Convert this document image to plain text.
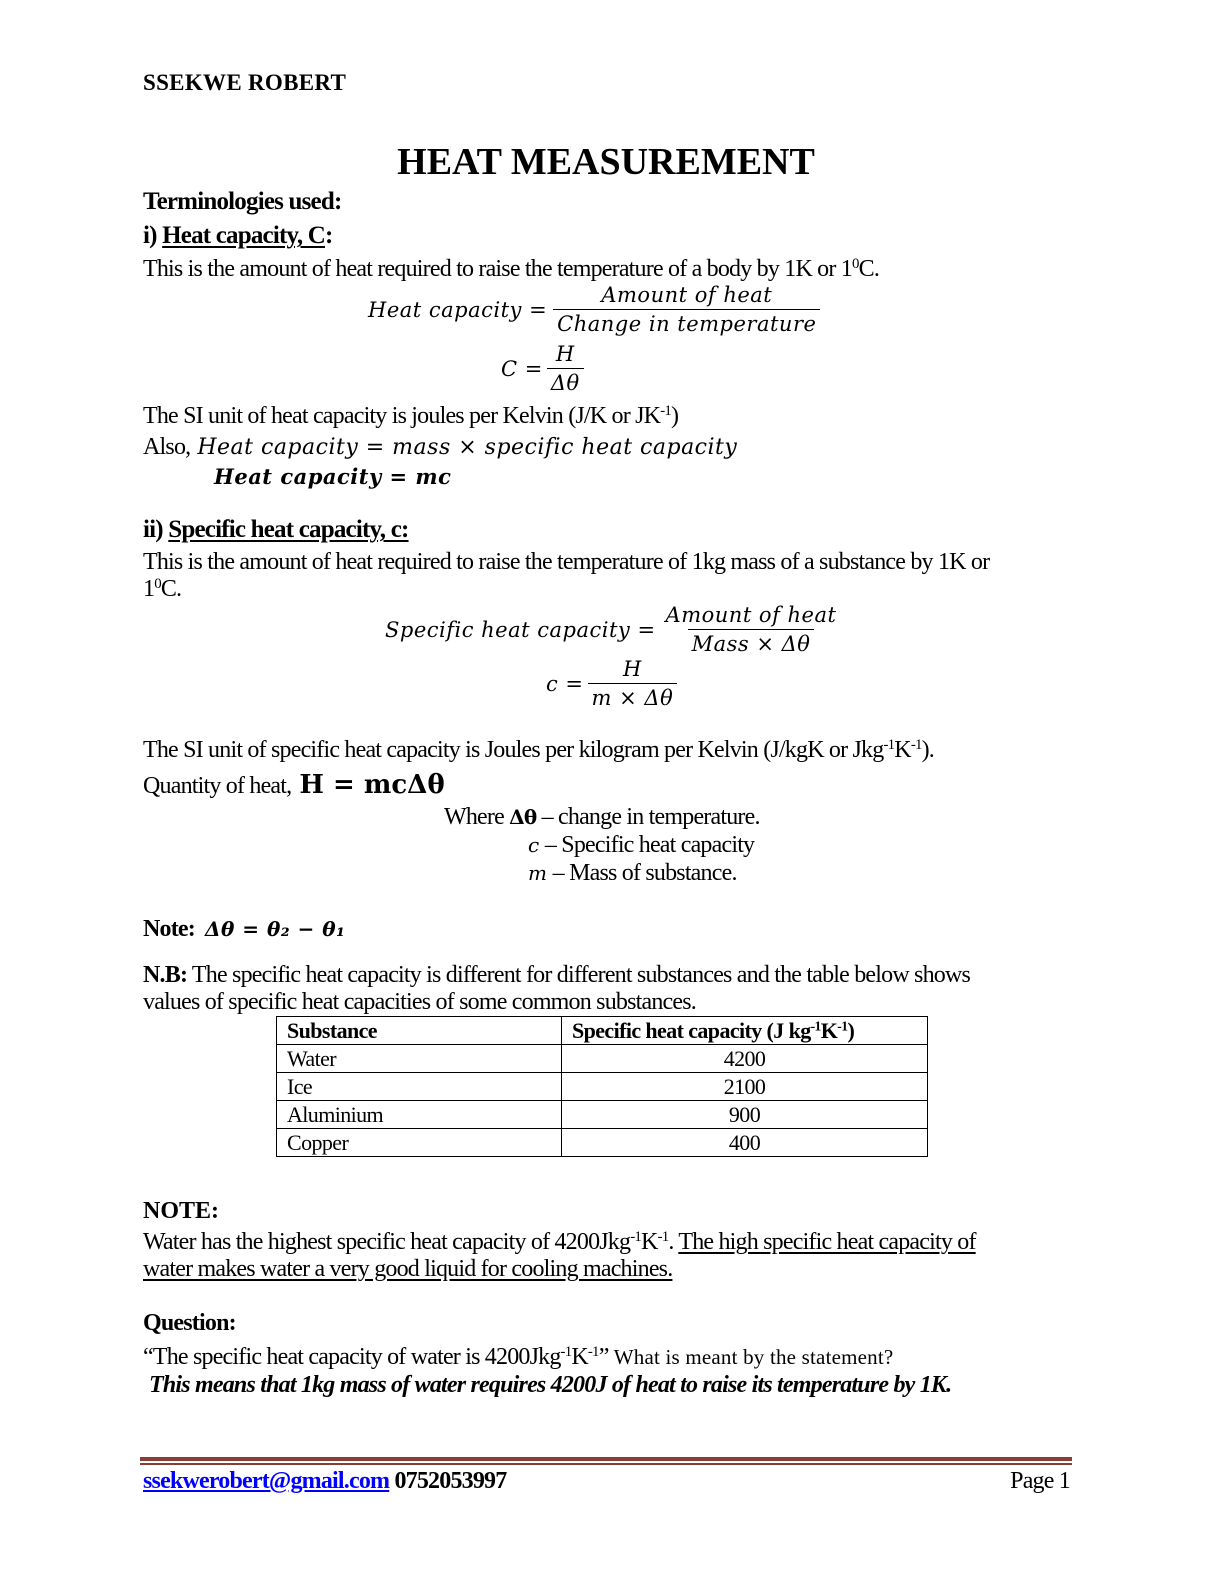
SSEKWE ROBERT
HEAT MEASUREMENT
Terminologies used:
i) Heat capacity, C:
This is the amount of heat required to raise the temperature of a body by 1K or $1^0C$.
Heat capacity = $\frac{\text{Amount of heat}}{\text{Change in temperature}}$
$C = \frac{H}{\Delta\theta}$
The SI unit of heat capacity is joules per Kelvin (J/K or $JK^{-1}$)
Also, Heat capacity = mass × specific heat capacity
Heat capacity = mc
ii) Specific heat capacity, c:
This is the amount of heat required to raise the temperature of 1kg mass of a substance by 1K or
$1^0C$.
Specific heat capacity = $\frac{\text{Amount of heat}}{\text{Mass × Δθ}}$
$c = \frac{H}{m \times \Delta\theta}$
The SI unit of specific heat capacity is Joules per kilogram per Kelvin (J/kgK or $Jkg^{-1}K^{-1}$).
Quantity of heat, H = mcΔθ
Where Δθ – change in temperature.
c – Specific heat capacity
m – Mass of substance.
Note: Δθ = θ₂ − θ₁
N.B: The specific heat capacity is different for different substances and the table below shows
values of specific heat capacities of some common substances.
Substance	Specific heat capacity (J $kg^{-1}K^{-1}$)
Water	4200
Ice	2100
Aluminium	900
Copper	400
NOTE:
Water has the highest specific heat capacity of $4200Jkg^{-1}K^{-1}$. The high specific heat capacity of
water makes water a very good liquid for cooling machines.
Question:
“The specific heat capacity of water is $4200Jkg^{-1}K^{-1}$” What is meant by the statement?
This means that 1kg mass of water requires 4200J of heat to raise its temperature by 1K.
ssekwerobert@gmail.com 0752053997	Page 1
